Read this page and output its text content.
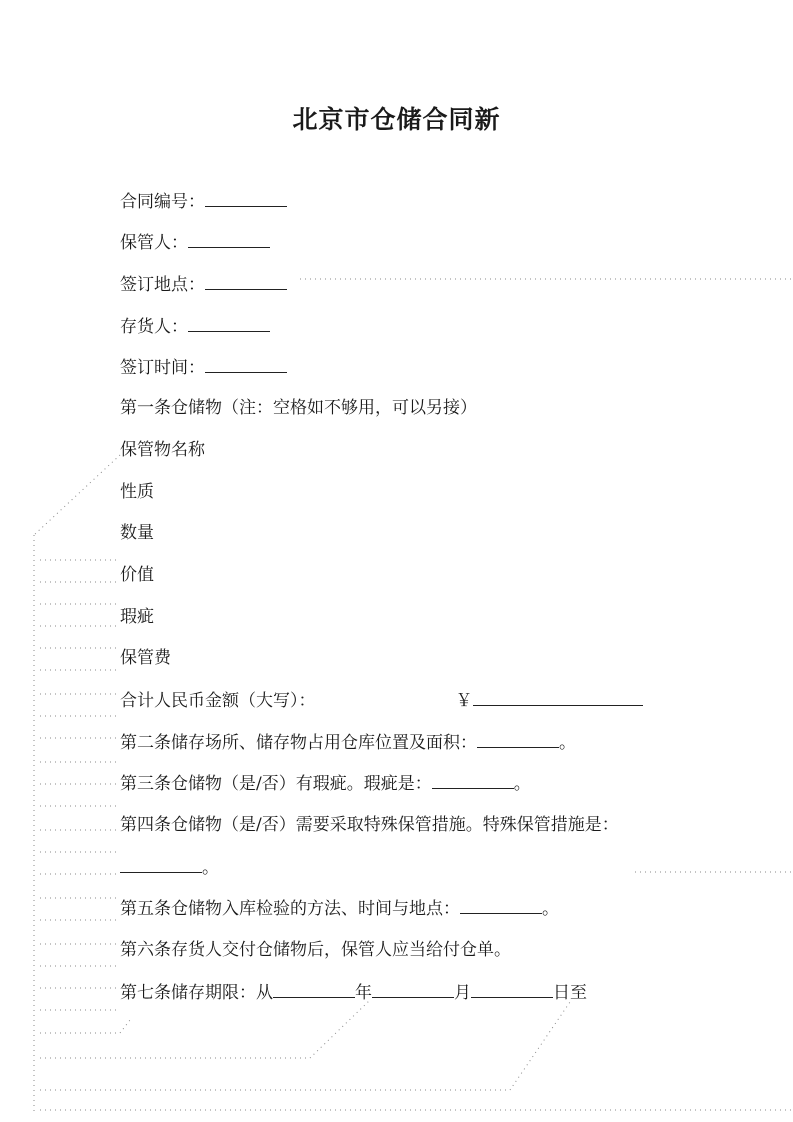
北京市仓储合同新
合同编号：
保管人：
签订地点：
存货人：
签订时间：
第一条仓储物（注：空格如不够用，可以另接）
保管物名称
性质
数量
价值
瑕疵
保管费
合计人民币金额（大写）：	￥
第二条储存场所、储存物占用仓库位置及面积：	。
第三条仓储物（是/否）有瑕疵。瑕疵是：	。
第四条仓储物（是/否）需要采取特殊保管措施。特殊保管措施是：
。
第五条仓储物入库检验的方法、时间与地点：	。
第六条存货人交付仓储物后，保管人应当给付仓单。
第七条储存期限：从	年	月	日至
